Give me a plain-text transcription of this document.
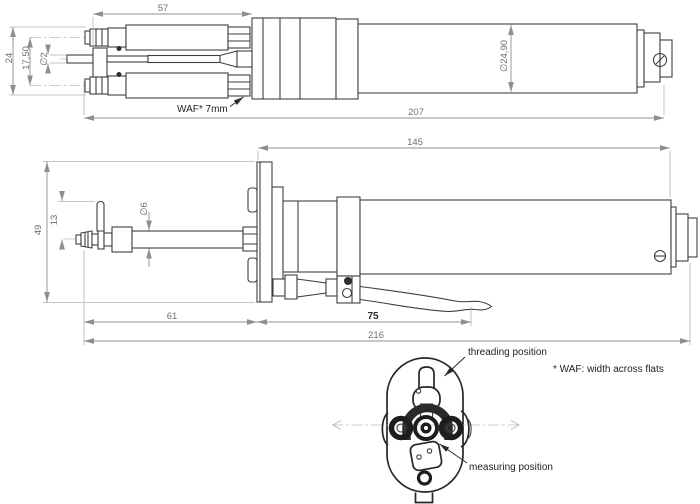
57
24 17,50 ∅2	∅24,90
207
WAF* 7mm
145
49
13
∅6
61	75
216
threading position
measuring position
* WAF: width across flats
